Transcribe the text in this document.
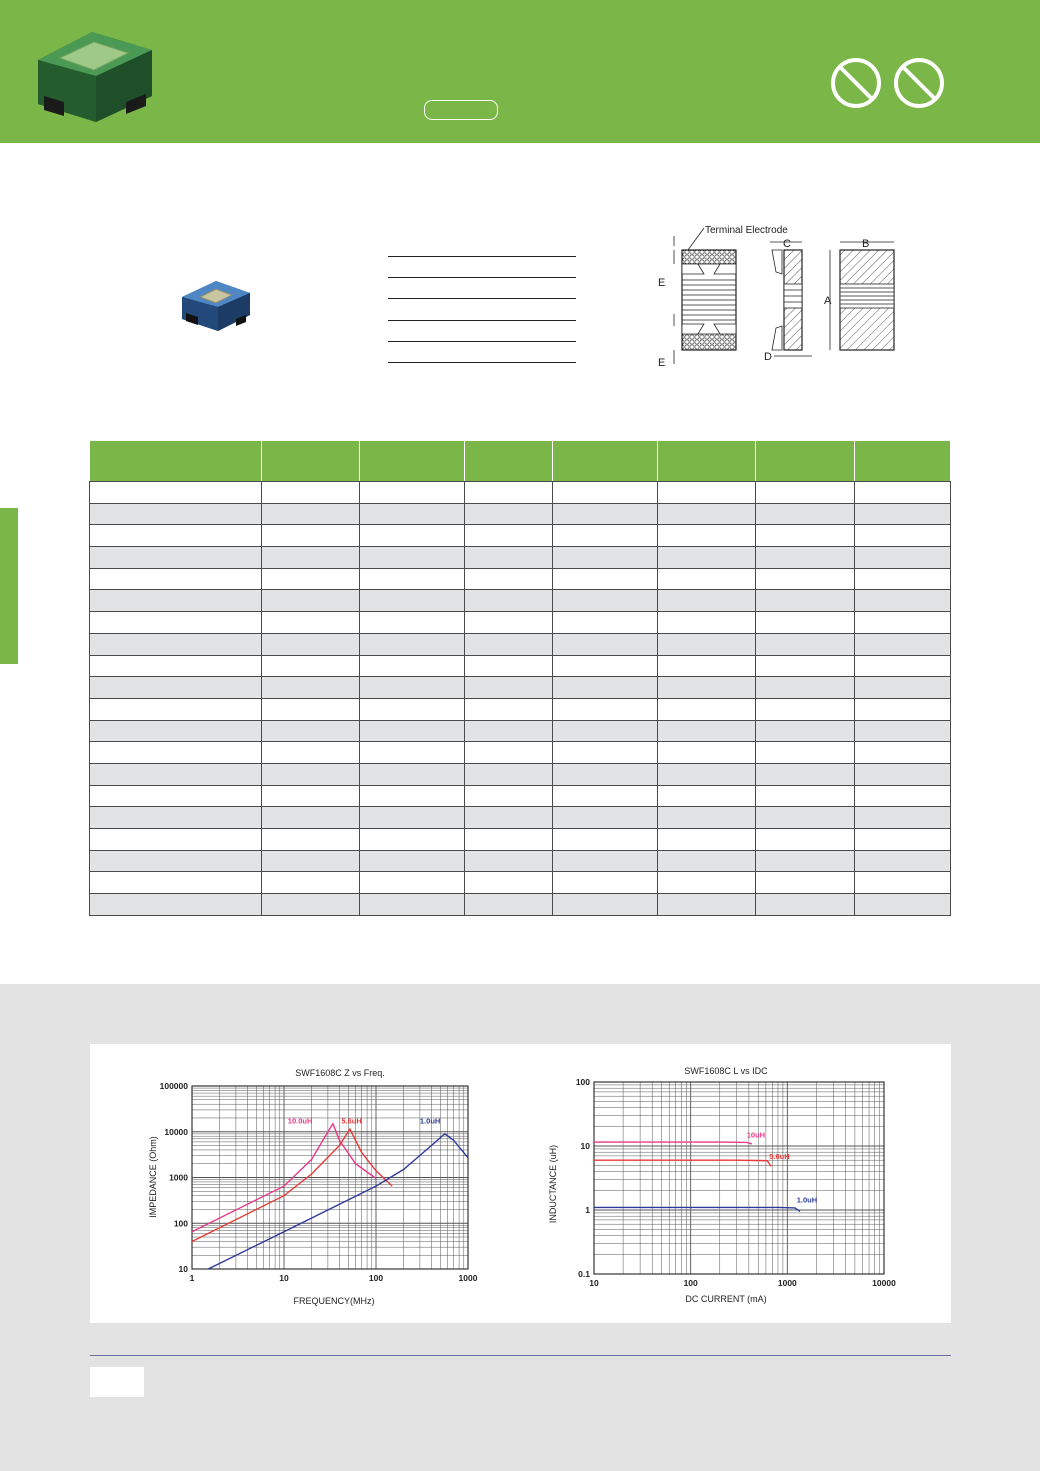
Terminal Electrode
E
E
C
D
B
A

SWF1608C Z vs Freq.
FREQUENCY(MHz)
IMPEDANCE (Ohm)
1	10	100	1000
10
100
1000
10000
100000
10.0uH	5.6uH	1.0uH
SWF1608C L vs IDC
DC CURRENT (mA)
INDUCTANCE (uH)
10	100	1000	10000
0.1
1
10
100
10uH
5.6uH
1.0uH
